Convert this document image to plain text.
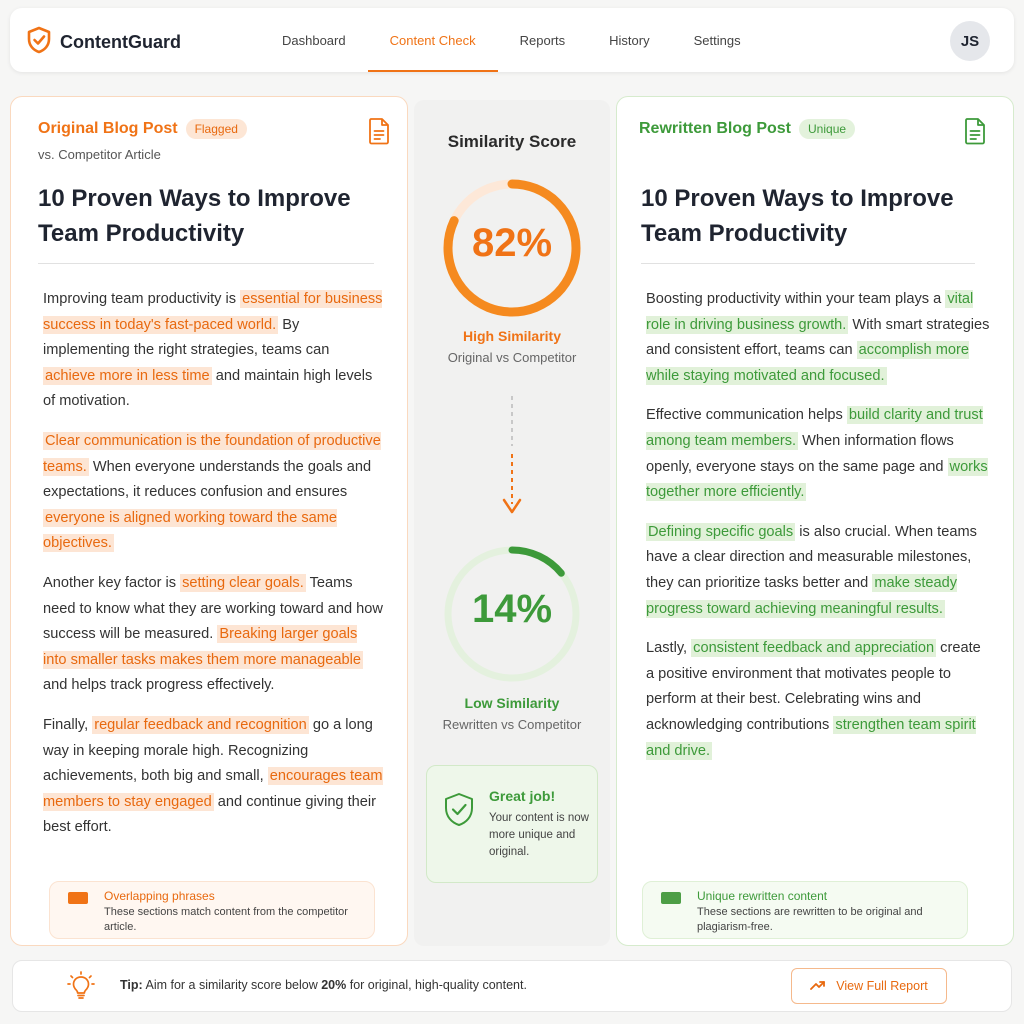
ContentGuard	Dashboard	Content Check	Reports	History	Settings	JS
Original Blog Post	Flagged
vs. Competitor Article
10 Proven Ways to Improve Team Productivity

Improving team productivity is essential for business success in today's fast-paced world. By implementing the right strategies, teams can achieve more in less time and maintain high levels of motivation.

Clear communication is the foundation of productive teams. When everyone understands the goals and expectations, it reduces confusion and ensures everyone is aligned working toward the same objectives.

Another key factor is setting clear goals. Teams need to know what they are working toward and how success will be measured. Breaking larger goals into smaller tasks makes them more manageable and helps track progress effectively.

Finally, regular feedback and recognition go a long way in keeping morale high. Recognizing achievements, both big and small, encourages team members to stay engaged and continue giving their best effort.

Overlapping phrases
These sections match content from the competitor article.
Similarity Score
82%
High Similarity
Original vs Competitor
14%
Low Similarity
Rewritten vs Competitor
Great job!
Your content is now more unique and original.
Rewritten Blog Post	Unique
10 Proven Ways to Improve Team Productivity

Boosting productivity within your team plays a vital role in driving business growth. With smart strategies and consistent effort, teams can accomplish more while staying motivated and focused.

Effective communication helps build clarity and trust among team members. When information flows openly, everyone stays on the same page and works together more efficiently.

Defining specific goals is also crucial. When teams have a clear direction and measurable milestones, they can prioritize tasks better and make steady progress toward achieving meaningful results.

Lastly, consistent feedback and appreciation create a positive environment that motivates people to perform at their best. Celebrating wins and acknowledging contributions strengthen team spirit and drive.

Unique rewritten content
These sections are rewritten to be original and plagiarism-free.
Tip: Aim for a similarity score below 20% for original, high-quality content.	View Full Report
